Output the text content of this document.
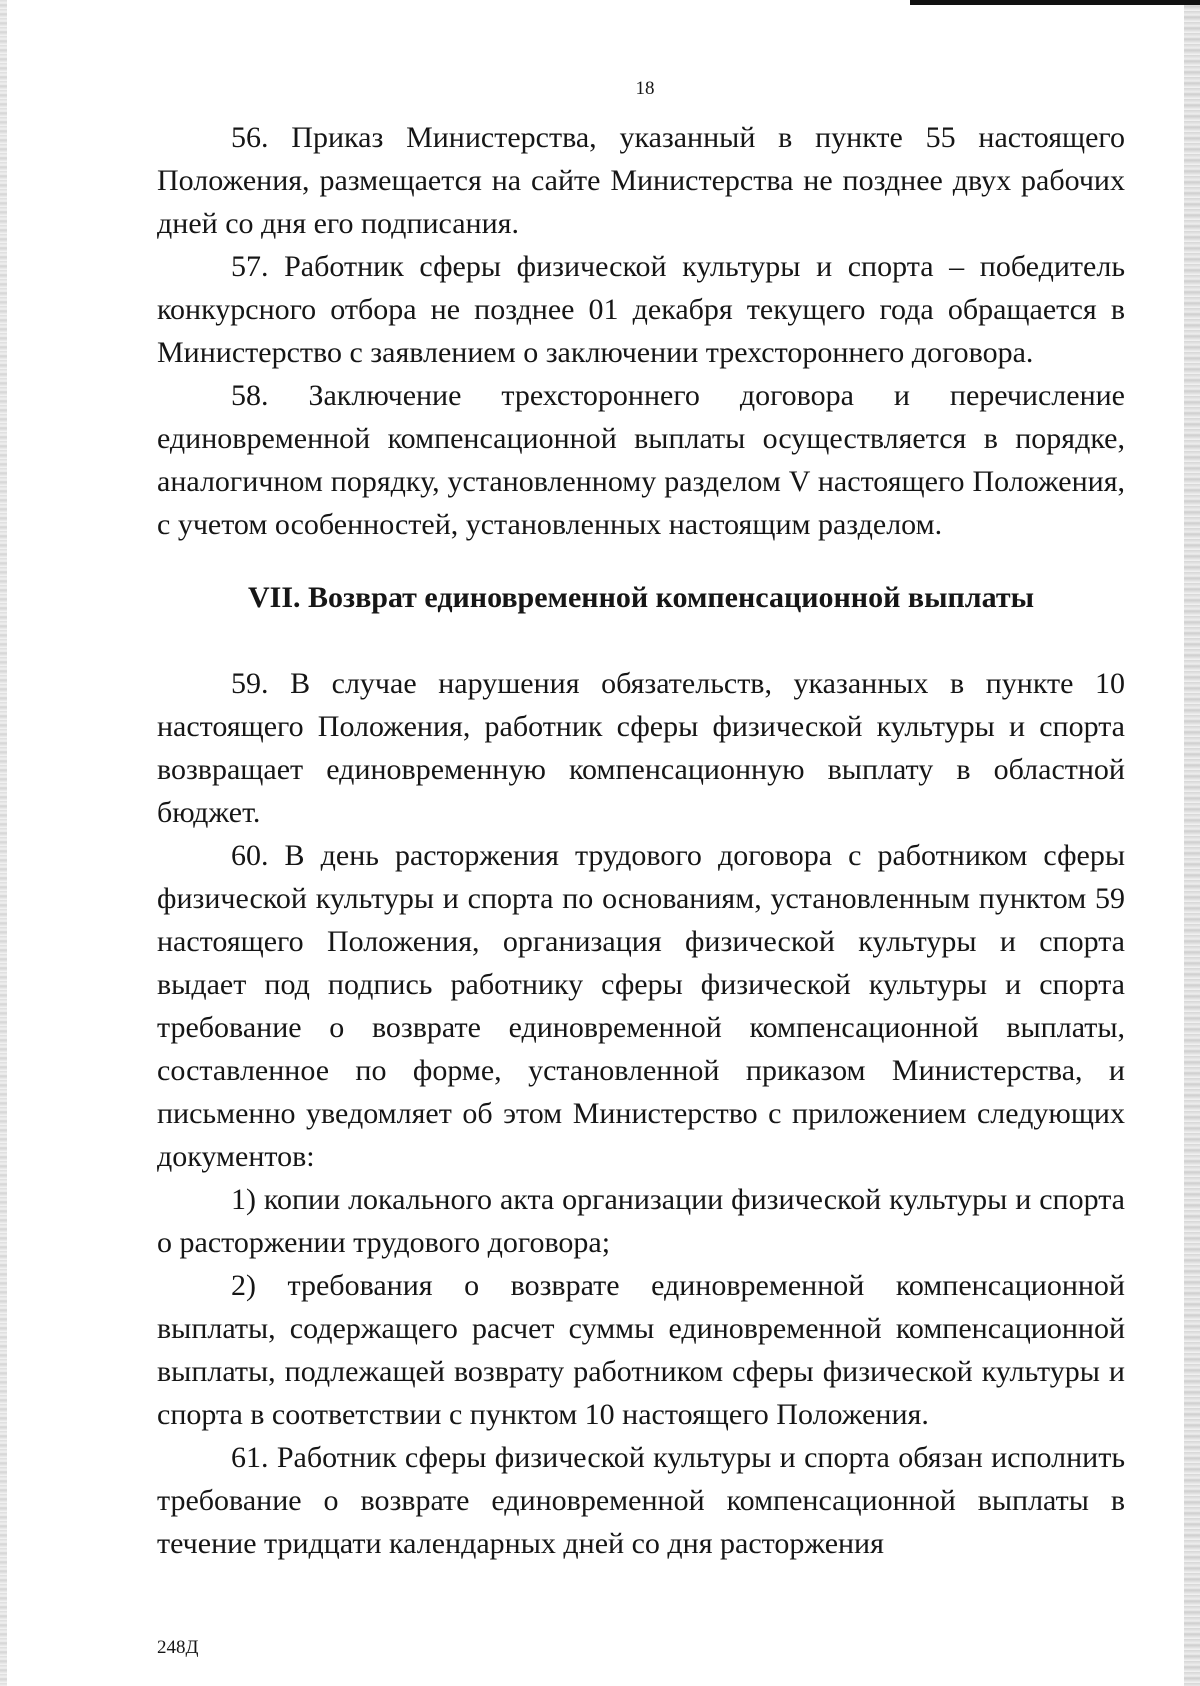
18

56. Приказ Министерства, указанный в пункте 55 настоящего Положения, размещается на сайте Министерства не позднее двух рабочих дней со дня его подписания.

57. Работник сферы физической культуры и спорта – победитель конкурсного отбора не позднее 01 декабря текущего года обращается в Министерство с заявлением о заключении трехстороннего договора.

58. Заключение трехстороннего договора и перечисление единовременной компенсационной выплаты осуществляется в порядке, аналогичном порядку, установленному разделом V настоящего Положения, с учетом особенностей, установленных настоящим разделом.

VII. Возврат единовременной компенсационной выплаты

59. В случае нарушения обязательств, указанных в пункте 10 настоящего Положения, работник сферы физической культуры и спорта возвращает единовременную компенсационную выплату в областной бюджет.

60. В день расторжения трудового договора с работником сферы физической культуры и спорта по основаниям, установленным пунктом 59 настоящего Положения, организация физической культуры и спорта выдает под подпись работнику сферы физической культуры и спорта требование о возврате единовременной компенсационной выплаты, составленное по форме, установленной приказом Министерства, и письменно уведомляет об этом Министерство с приложением следующих документов:

1) копии локального акта организации физической культуры и спорта о расторжении трудового договора;

2) требования о возврате единовременной компенсационной выплаты, содержащего расчет суммы единовременной компенсационной выплаты, подлежащей возврату работником сферы физической культуры и спорта в соответствии с пунктом 10 настоящего Положения.

61. Работник сферы физической культуры и спорта обязан исполнить требование о возврате единовременной компенсационной выплаты в течение тридцати календарных дней со дня расторжения

248Д
